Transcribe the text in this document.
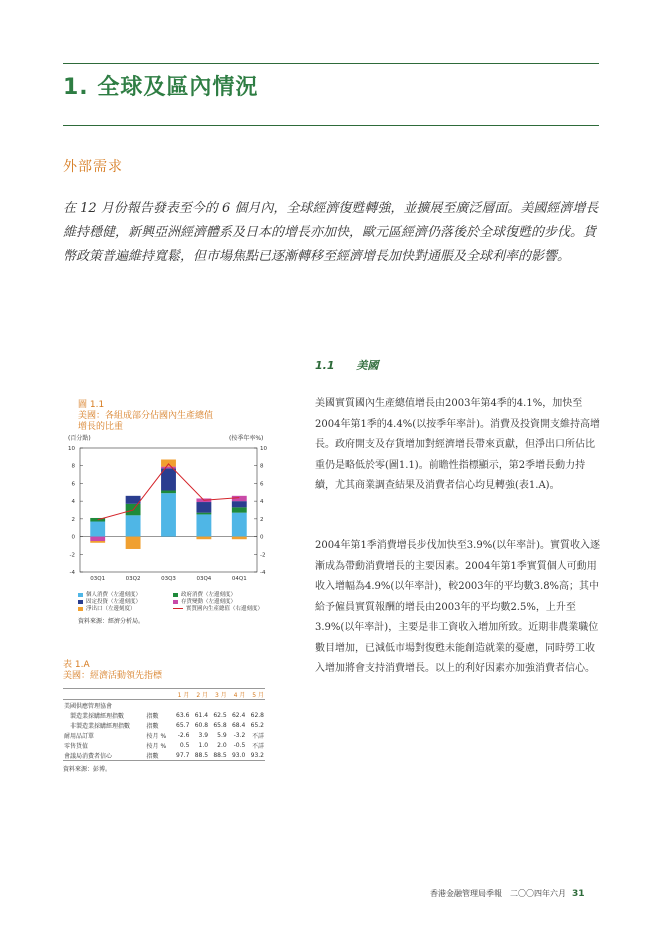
1. 全球及區內情況
外部需求
在 12 月份報告發表至今的 6 個月內，全球經濟復甦轉強，並擴展至廣泛層面。美國經濟增長維持穩健，新興亞洲經濟體系及日本的增長亦加快，歐元區經濟仍落後於全球復甦的步伐。貨幣政策普遍維持寬鬆，但市場焦點已逐漸轉移至經濟增長加快對通脹及全球利率的影響。
1.1 美國
美國實質國內生產總值增長由2003年第4季的4.1%，加快至2004年第1季的4.4%(以按季年率計)。消費及投資開支維持高增長。政府開支及存貨增加對經濟增長帶來貢獻，但淨出口所佔比重仍是略低於零(圖1.1)。前瞻性指標顯示，第2季增長動力持續，尤其商業調查結果及消費者信心均見轉強(表1.A)。
2004年第1季消費增長步伐加快至3.9%(以年率計)。實質收入逐漸成為帶動消費增長的主要因素。2004年第1季實質個人可動用收入增幅為4.9%(以年率計)，較2003年的平均數3.8%高；其中給予僱員實質報酬的增長由2003年的平均數2.5%，上升至3.9%(以年率計)，主要是非工資收入增加所致。近期非農業職位數目增加，已減低市場對復甦未能創造就業的憂慮，同時勞工收入增加將會支持消費增長。以上的利好因素亦加強消費者信心。
圖 1.1
美國：各組成部分佔國內生產總值
增長的比重
(百分點)	(按季年率%)
-4	-4
-2	-2
0	0
2	2
4	4
6	6
8	8
10	10
03Q1	03Q2	03Q3	03Q4	04Q1
個人消費（左邊刻度）	政府消費（左邊刻度）
固定投資（左邊刻度）	存貨變動（左邊刻度）
淨出口（左邊刻度）	實質國內生產總值（右邊刻度）
資料來源：經濟分析局。
表 1.A
美國：經濟活動領先指標
		1 月	2 月	3 月	4 月	5 月
美國供應管理協會						
製造業採購經理指數	指數	63.6	61.4	62.5	62.4	62.8
非製造業採購經理指數	指數	65.7	60.8	65.8	68.4	65.2
耐用品訂單	按月 %	-2.6	3.9	5.9	-3.2	不詳
零售貨值	按月 %	0.5	1.0	2.0	-0.5	不詳
會議局消費者信心	指數	97.7	88.5	88.5	93.0	93.2
資料來源：彭博。
香港金融管理局季報　二〇〇四年六月 31
